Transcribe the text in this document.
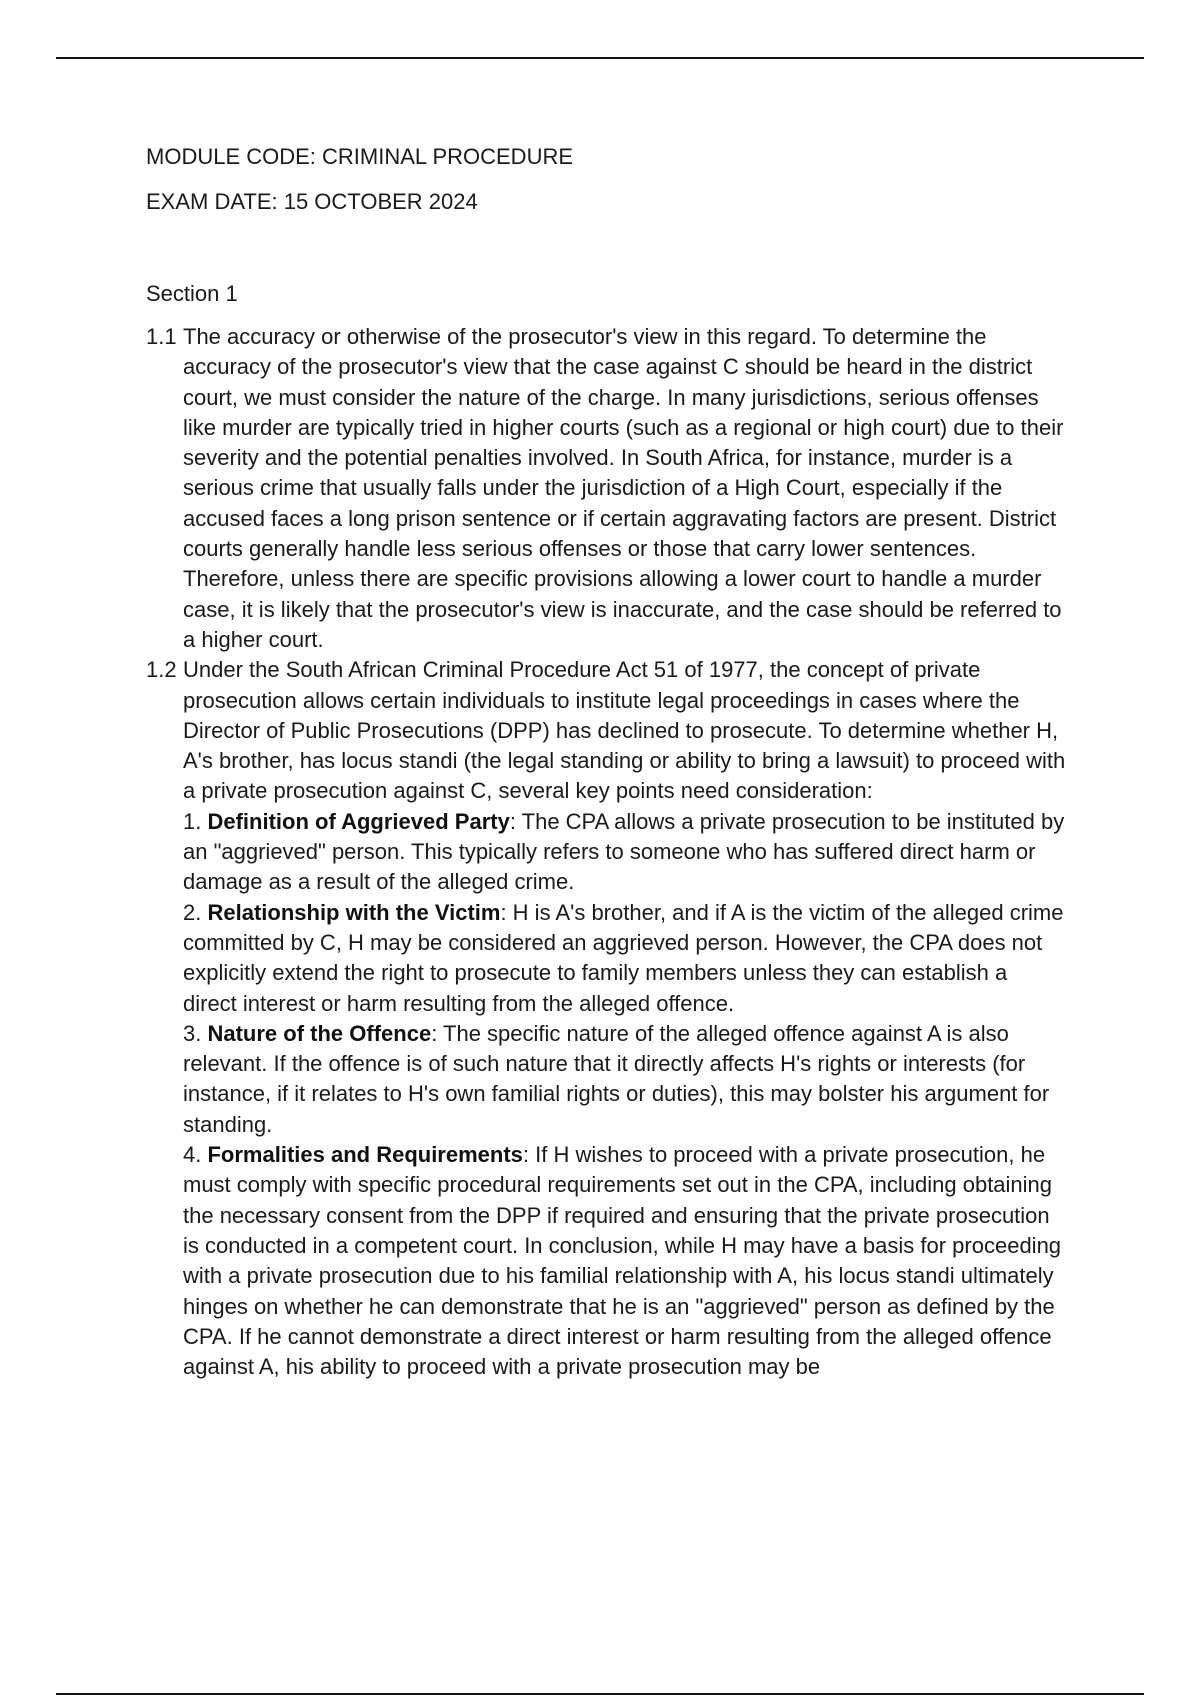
MODULE CODE: CRIMINAL PROCEDURE

EXAM DATE: 15 OCTOBER 2024

Section 1

1.1 The accuracy or otherwise of the prosecutor's view in this regard. To determine the accuracy of the prosecutor's view that the case against C should be heard in the district court, we must consider the nature of the charge. In many jurisdictions, serious offenses like murder are typically tried in higher courts (such as a regional or high court) due to their severity and the potential penalties involved. In South Africa, for instance, murder is a serious crime that usually falls under the jurisdiction of a High Court, especially if the accused faces a long prison sentence or if certain aggravating factors are present. District courts generally handle less serious offenses or those that carry lower sentences. Therefore, unless there are specific provisions allowing a lower court to handle a murder case, it is likely that the prosecutor's view is inaccurate, and the case should be referred to a higher court.

1.2 Under the South African Criminal Procedure Act 51 of 1977, the concept of private prosecution allows certain individuals to institute legal proceedings in cases where the Director of Public Prosecutions (DPP) has declined to prosecute. To determine whether H, A's brother, has locus standi (the legal standing or ability to bring a lawsuit) to proceed with a private prosecution against C, several key points need consideration:

1. Definition of Aggrieved Party: The CPA allows a private prosecution to be instituted by an "aggrieved" person. This typically refers to someone who has suffered direct harm or damage as a result of the alleged crime.

2. Relationship with the Victim: H is A's brother, and if A is the victim of the alleged crime committed by C, H may be considered an aggrieved person. However, the CPA does not explicitly extend the right to prosecute to family members unless they can establish a direct interest or harm resulting from the alleged offence.

3. Nature of the Offence: The specific nature of the alleged offence against A is also relevant. If the offence is of such nature that it directly affects H's rights or interests (for instance, if it relates to H's own familial rights or duties), this may bolster his argument for standing.

4. Formalities and Requirements: If H wishes to proceed with a private prosecution, he must comply with specific procedural requirements set out in the CPA, including obtaining the necessary consent from the DPP if required and ensuring that the private prosecution is conducted in a competent court. In conclusion, while H may have a basis for proceeding with a private prosecution due to his familial relationship with A, his locus standi ultimately hinges on whether he can demonstrate that he is an "aggrieved" person as defined by the CPA. If he cannot demonstrate a direct interest or harm resulting from the alleged offence against A, his ability to proceed with a private prosecution may be
